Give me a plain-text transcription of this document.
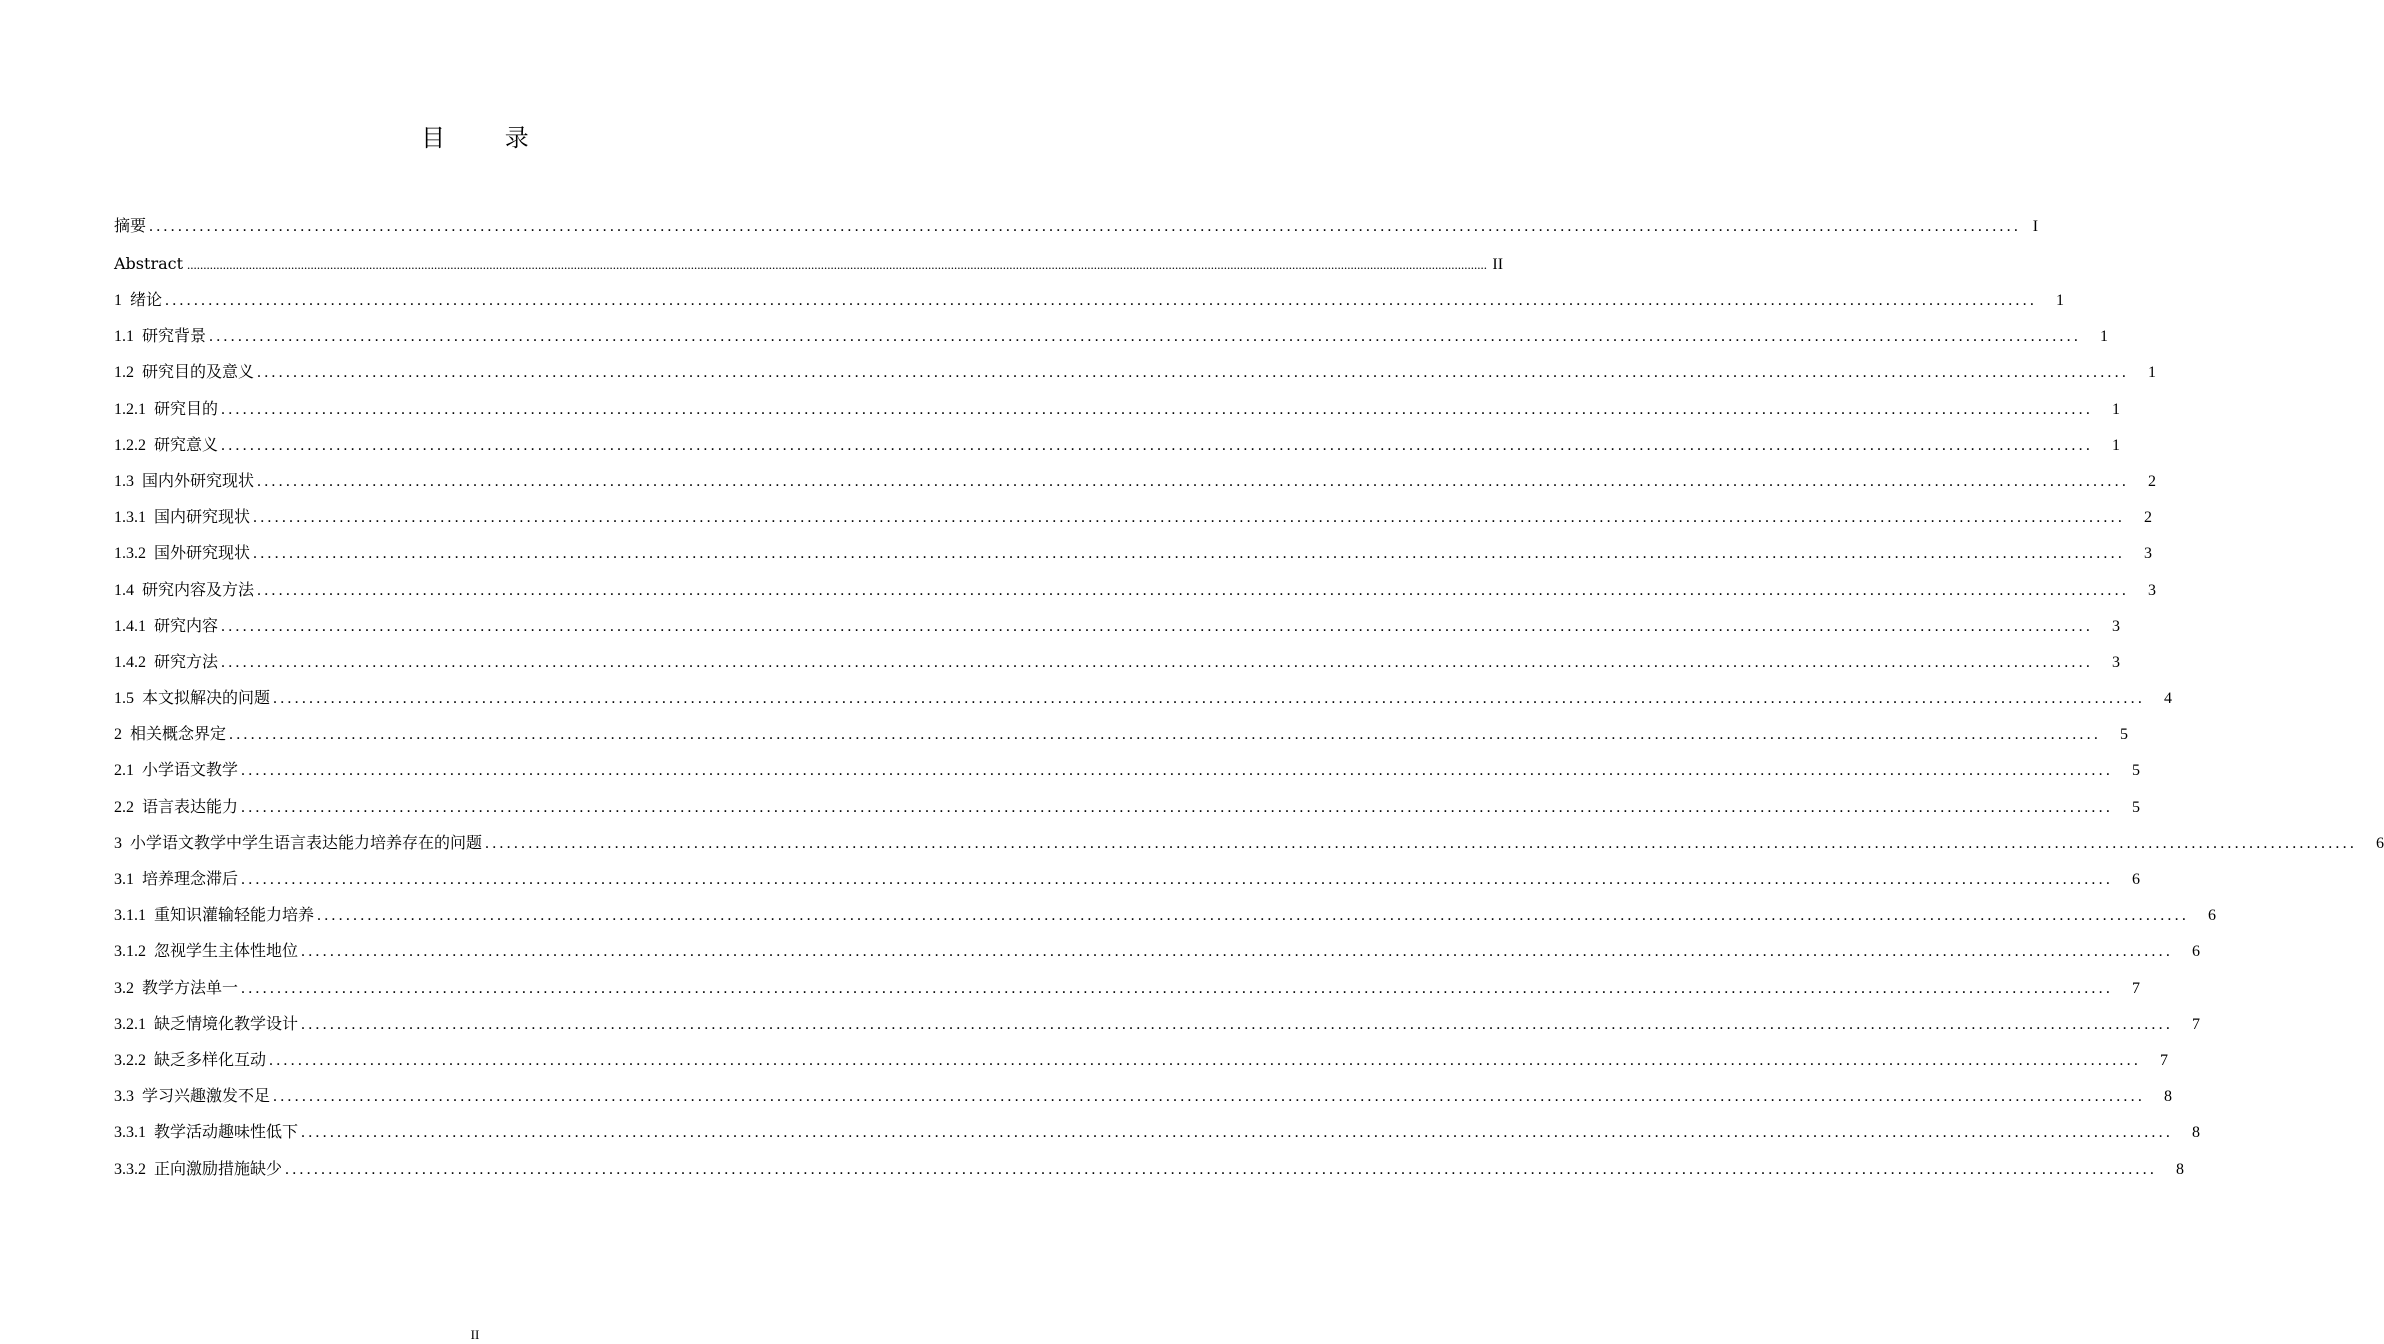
目 录
摘要 .................................................................................................................................................................................................................................................................... I
Abstract ................................................................................................................................................................................................................................................................................................................................................................................................................ II
1 绪论 ....................................................................................................................................................................................................................................................................	1
1.1 研究背景 ....................................................................................................................................................................................................................................................................	1
1.2 研究目的及意义 ....................................................................................................................................................................................................................................................................	1
1.2.1 研究目的 ....................................................................................................................................................................................................................................................................	1
1.2.2 研究意义 ....................................................................................................................................................................................................................................................................	1
1.3 国内外研究现状 ....................................................................................................................................................................................................................................................................	2
1.3.1 国内研究现状 ....................................................................................................................................................................................................................................................................	2
1.3.2 国外研究现状 ....................................................................................................................................................................................................................................................................	3
1.4 研究内容及方法 ....................................................................................................................................................................................................................................................................	3
1.4.1 研究内容 ....................................................................................................................................................................................................................................................................	3
1.4.2 研究方法 ....................................................................................................................................................................................................................................................................	3
1.5 本文拟解决的问题 ....................................................................................................................................................................................................................................................................	4
2 相关概念界定 ....................................................................................................................................................................................................................................................................	5
2.1 小学语文教学 ....................................................................................................................................................................................................................................................................	5
2.2 语言表达能力 ....................................................................................................................................................................................................................................................................	5
3 小学语文教学中学生语言表达能力培养存在的问题 ....................................................................................................................................................................................................................................................................	6
3.1 培养理念滞后 ....................................................................................................................................................................................................................................................................	6
3.1.1 重知识灌输轻能力培养 ....................................................................................................................................................................................................................................................................	6
3.1.2 忽视学生主体性地位 ....................................................................................................................................................................................................................................................................	6
3.2 教学方法单一 ....................................................................................................................................................................................................................................................................	7
3.2.1 缺乏情境化教学设计 ....................................................................................................................................................................................................................................................................	7
3.2.2 缺乏多样化互动 ....................................................................................................................................................................................................................................................................	7
3.3 学习兴趣激发不足 ....................................................................................................................................................................................................................................................................	8
3.3.1 教学活动趣味性低下 ....................................................................................................................................................................................................................................................................	8
3.3.2 正向激励措施缺少 ....................................................................................................................................................................................................................................................................	8
II
